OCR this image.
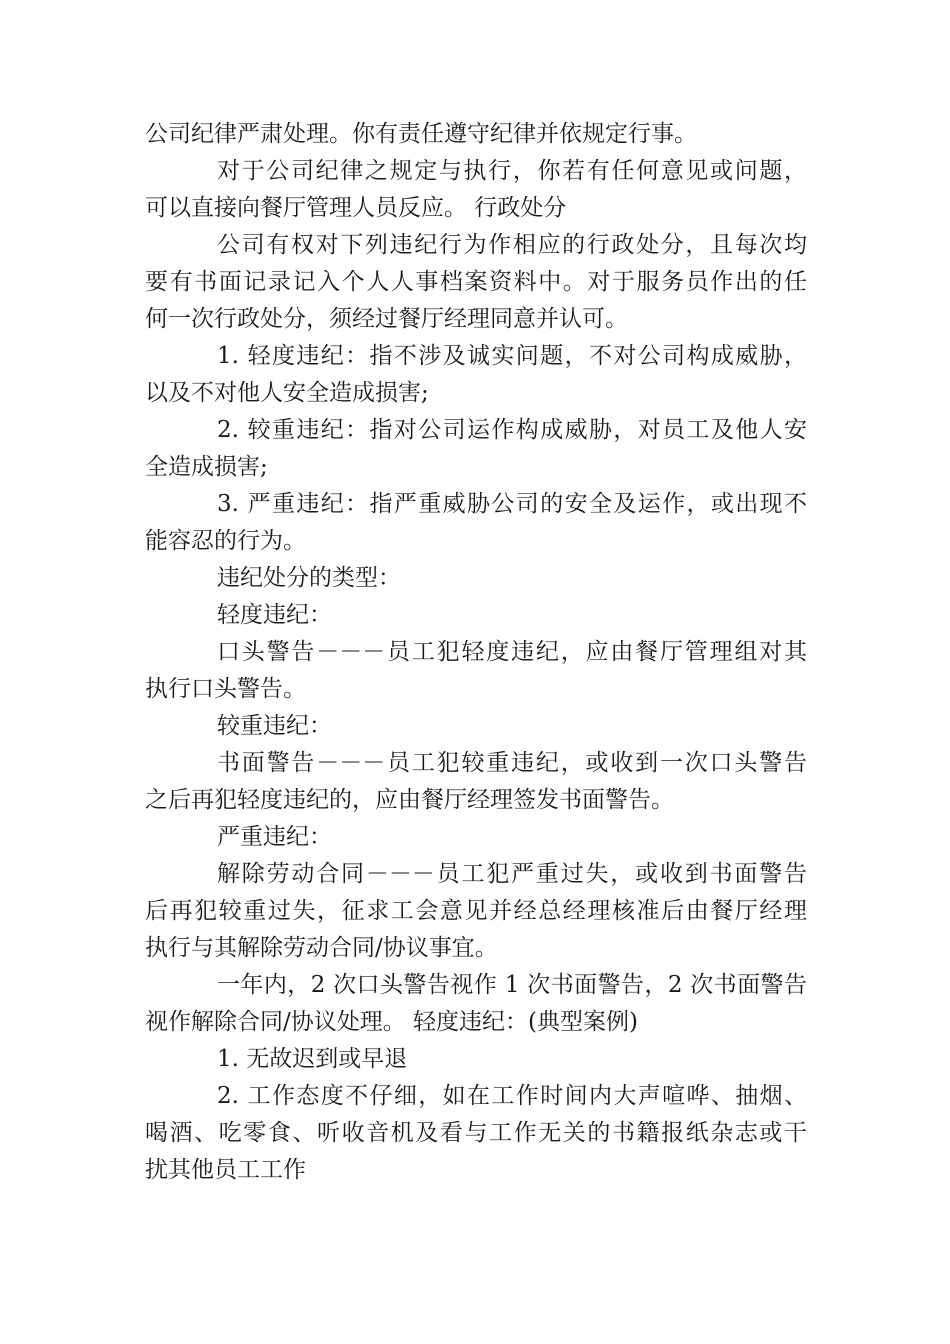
公司纪律严肃处理。你有责任遵守纪律并依规定行事。
对于公司纪律之规定与执行，你若有任何意见或问题，
可以直接向餐厅管理人员反应。 行政处分
公司有权对下列违纪行为作相应的行政处分，且每次均
要有书面记录记入个人人事档案资料中。对于服务员作出的任
何一次行政处分，须经过餐厅经理同意并认可。
1. 轻度违纪：指不涉及诚实问题，不对公司构成威胁，
以及不对他人安全造成损害;
2. 较重违纪：指对公司运作构成威胁，对员工及他人安
全造成损害;
3. 严重违纪：指严重威胁公司的安全及运作，或出现不
能容忍的行为。
违纪处分的类型：
轻度违纪：
口头警告－－－员工犯轻度违纪，应由餐厅管理组对其
执行口头警告。
较重违纪：
书面警告－－－员工犯较重违纪，或收到一次口头警告
之后再犯轻度违纪的，应由餐厅经理签发书面警告。
严重违纪：
解除劳动合同－－－员工犯严重过失，或收到书面警告
后再犯较重过失，征求工会意见并经总经理核准后由餐厅经理
执行与其解除劳动合同/协议事宜。
一年内，2 次口头警告视作 1 次书面警告，2 次书面警告
视作解除合同/协议处理。 轻度违纪：(典型案例)
1. 无故迟到或早退
2. 工作态度不仔细，如在工作时间内大声喧哗、抽烟、
喝酒、吃零食、听收音机及看与工作无关的书籍报纸杂志或干
扰其他员工工作
